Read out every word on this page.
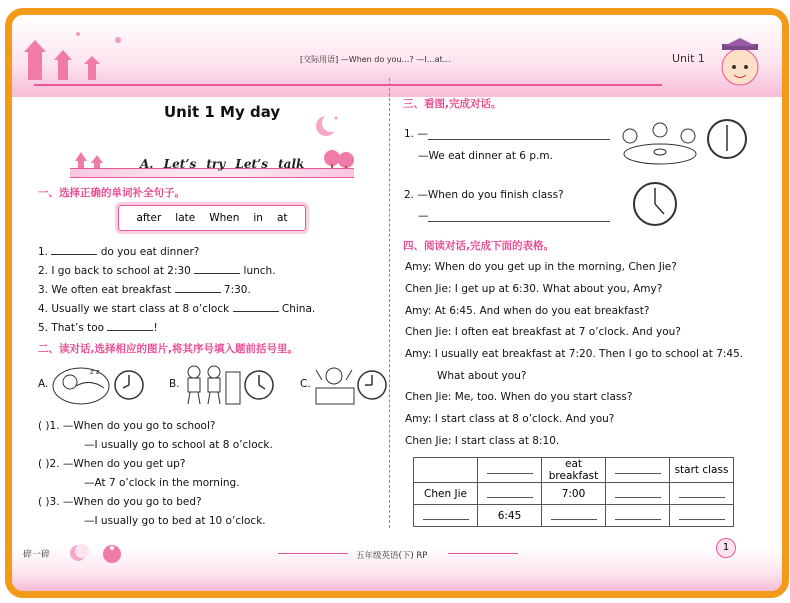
[交际用语] —When do you…? —I…at…	Unit 1
Unit 1 My day
A. Let’s try Let’s talk
一、选择正确的单词补全句子。
after late When in at
1.	do you eat dinner?
2. I go back to school at 2:30	lunch.
3. We often eat breakfast	7:30.
4. Usually we start class at 8 o’clock	China.
5. That’s too	!
二、读对话,选择相应的图片,将其序号填入题前括号里。
A.
z z
B.	C.
( )1. —When do you go to school?
—I usually go to school at 8 o’clock.
( )2. —When do you get up?
—At 7 o’clock in the morning.
( )3. —When do you go to bed?
—I usually go to bed at 10 o’clock.
三、看图,完成对话。
1. —
—We eat dinner at 6 p.m.
2. —When do you finish class?
—
四、阅读对话,完成下面的表格。
Amy: When do you get up in the morning, Chen Jie?
Chen Jie: I get up at 6:30. What about you, Amy?
Amy: At 6:45. And when do you eat breakfast?
Chen Jie: I often eat breakfast at 7 o’clock. And you?
Amy: I usually eat breakfast at 7:20. Then I go to school at 7:45.
What about you?
Chen Jie: Me, too. When do you start class?
Amy: I start class at 8 o’clock. And you?
Chen Jie: I start class at 8:10.
		eat breakfast		start class
Chen Jie		7:00		
	6:45			
碎一碎	五年级英语(下) RP
1
